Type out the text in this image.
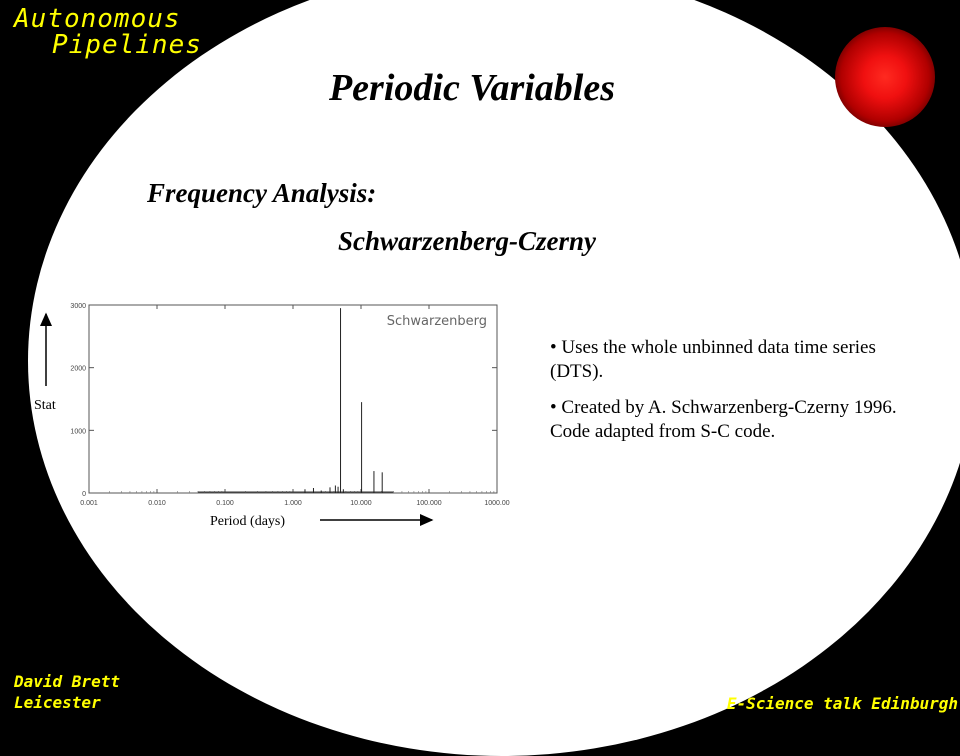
Autonomous
Pipelines
David Brett
Leicester	E-Science talk Edinburgh
Periodic Variables
Frequency Analysis:
Schwarzenberg-Czerny

• Uses the whole unbinned data time series (DTS).

• Created by A. Schwarzenberg-Czerny 1996. Code adapted from S-C code.

Stat
Period (days)
0.001	0.010	0.100	1.000	10.000	100.000	1000.00
0
1000
2000
3000
Schwarzenberg
